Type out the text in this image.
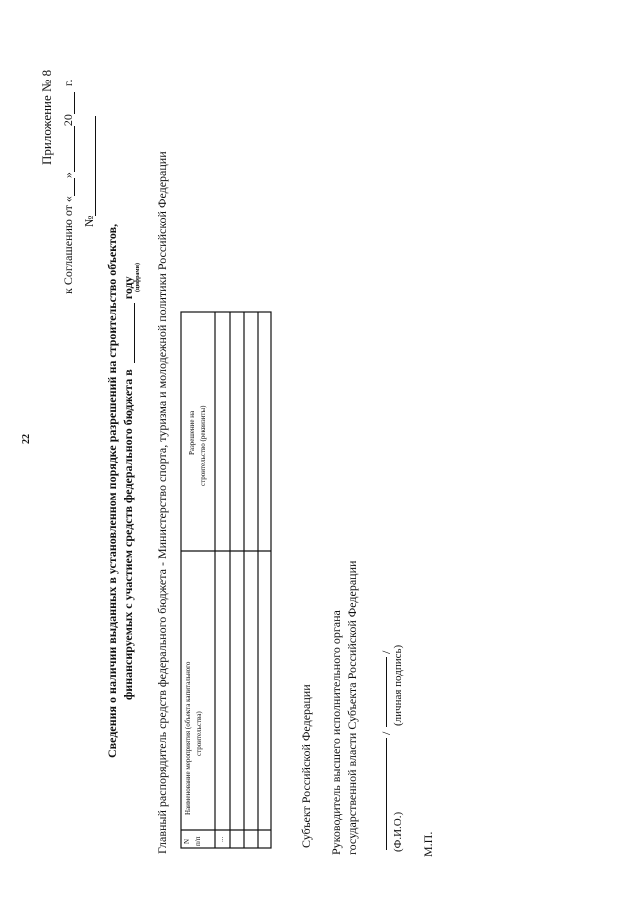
22
Приложение № 8
к Соглашению от « » 20 г.
№
Сведения о наличии выданных в установленном порядке разрешений на строительство объектов, финансируемых с участием средств федерального бюджета в году (цифрами) Главный распорядитель средств федерального бюджета - Министерство спорта, туризма и молодежной политики Российской Федерации N п/п
Наименование мероприятия (объекта капитального строительства)
Разрешение на строительство (реквизиты)
...	Субъект Российской Федерации Руководитель высшего исполнительного органа государственной власти Субъекта Российской Федерации /
/
(Ф.И.О.)
(личная подпись)
М.П.
